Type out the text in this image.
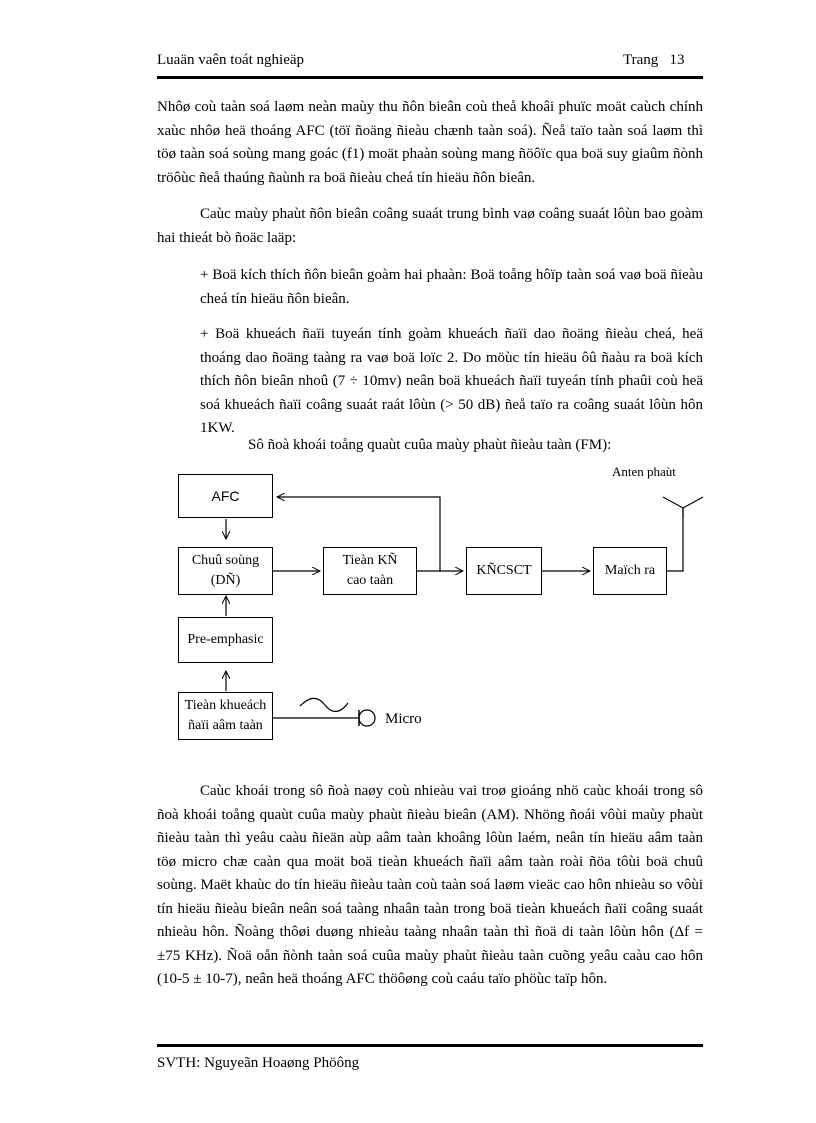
Luaän vaên toát nghieäp	Trang   13
Nhôø coù taàn soá laøm neàn maùy thu ñôn bieân coù theå khoâi phuïc moät caùch chính xaùc nhôø heä thoáng AFC (töï ñoäng ñieàu chænh taàn soá). Ñeå taïo taàn soá laøm thì töø taàn soá soùng mang goác (f1) moät phaàn soùng mang ñöôïc qua boä suy giaûm ñònh tröôùc ñeå thaúng ñaùnh ra boä ñieàu cheá tín hieäu ñôn bieân.
Caùc maùy phaùt ñôn bieân coâng suaát trung bình vaø coâng suaát lôùn bao goàm hai thieát bò ñoäc laäp:
+ Boä kích thích ñôn bieân goàm hai phaàn: Boä toång hôïp taàn soá vaø boä ñieàu cheá tín hieäu ñôn bieân.
+ Boä khueách ñaïi tuyeán tính goàm khueách ñaïi dao ñoäng ñieàu cheá, heä thoáng dao ñoäng taàng ra vaø boä loïc 2. Do möùc tín hieäu ôû ñaàu ra boä kích thích ñôn bieân nhoû (7 ÷ 10mv) neân boä khueách ñaïi tuyeán tính phaûi coù heä soá khueách ñaïi coâng suaát raát lôùn (> 50 dB) ñeå taïo ra coâng suaát lôùn hôn 1KW.
Sô ñoà khoái toång quaùt cuûa maùy phaùt ñieàu taàn (FM):
AFC
Chuû soùng
(DÑ)
Tieàn KÑ
cao taàn
KÑCSCT	Maïch ra
Pre-emphasic
Tieàn khueách
ñaïi aâm taàn
Anten phaùt
Micro
Caùc khoái trong sô ñoà naøy coù nhieàu vai troø gioáng nhö caùc khoái trong sô ñoà khoái toång quaùt cuûa maùy phaùt ñieàu bieân (AM). Nhöng ñoái vôùi maùy phaùt ñieàu taàn thì yeâu caàu ñieän aùp aâm taàn khoâng lôùn laém, neân tín hieäu aâm taàn töø micro chæ caàn qua moät boä tieàn khueách ñaïi aâm taàn roài ñöa tôùi boä chuû soùng. Maët khaùc do tín hieäu ñieàu taàn coù taàn soá laøm vieäc cao hôn nhieàu so vôùi tín hieäu ñieàu bieân neân soá taàng nhaân taàn trong boä tieàn khueách ñaïi coâng suaát nhieàu hôn. Ñoàng thôøi duøng nhieàu taàng nhaân taàn thì ñoä di taàn lôùn hôn (Δf = ±75 KHz). Ñoä oån ñònh taàn soá cuûa maùy phaùt ñieàu taàn cuõng yeâu caàu cao hôn (10-5 ± 10-7), neân heä thoáng AFC thöôøng coù caáu taïo phöùc taïp hôn.
SVTH: Nguyeãn Hoaøng Phöông
